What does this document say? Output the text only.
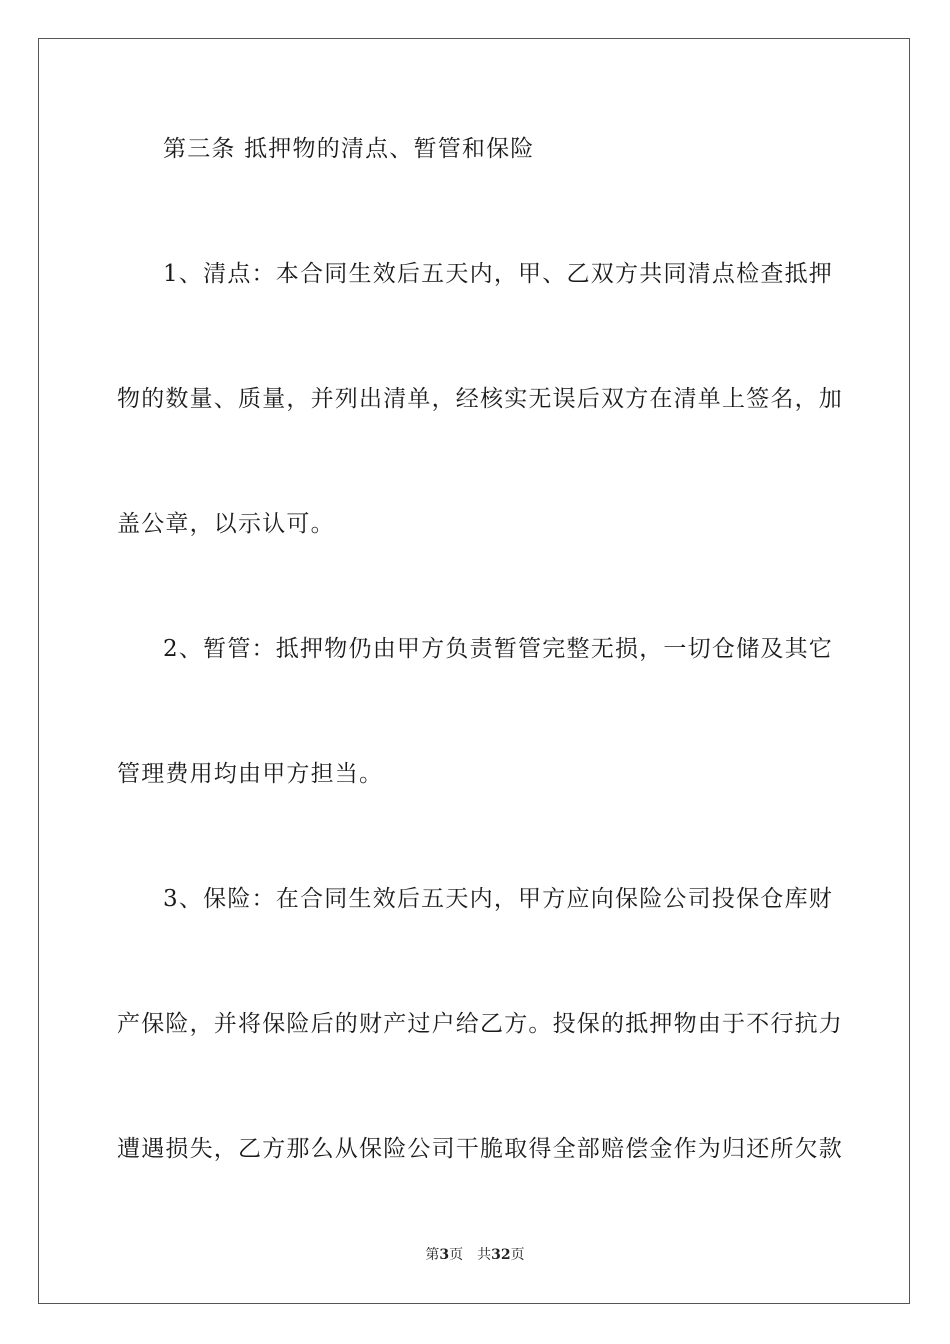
第三条 抵押物的清点、暂管和保险
1、清点：本合同生效后五天内，甲、乙双方共同清点检查抵押
物的数量、质量，并列出清单，经核实无误后双方在清单上签名，加
盖公章，以示认可。
2、暂管：抵押物仍由甲方负责暂管完整无损，一切仓储及其它
管理费用均由甲方担当。
3、保险：在合同生效后五天内，甲方应向保险公司投保仓库财
产保险，并将保险后的财产过户给乙方。投保的抵押物由于不行抗力
遭遇损失，乙方那么从保险公司干脆取得全部赔偿金作为归还所欠款
第3页 共32页
